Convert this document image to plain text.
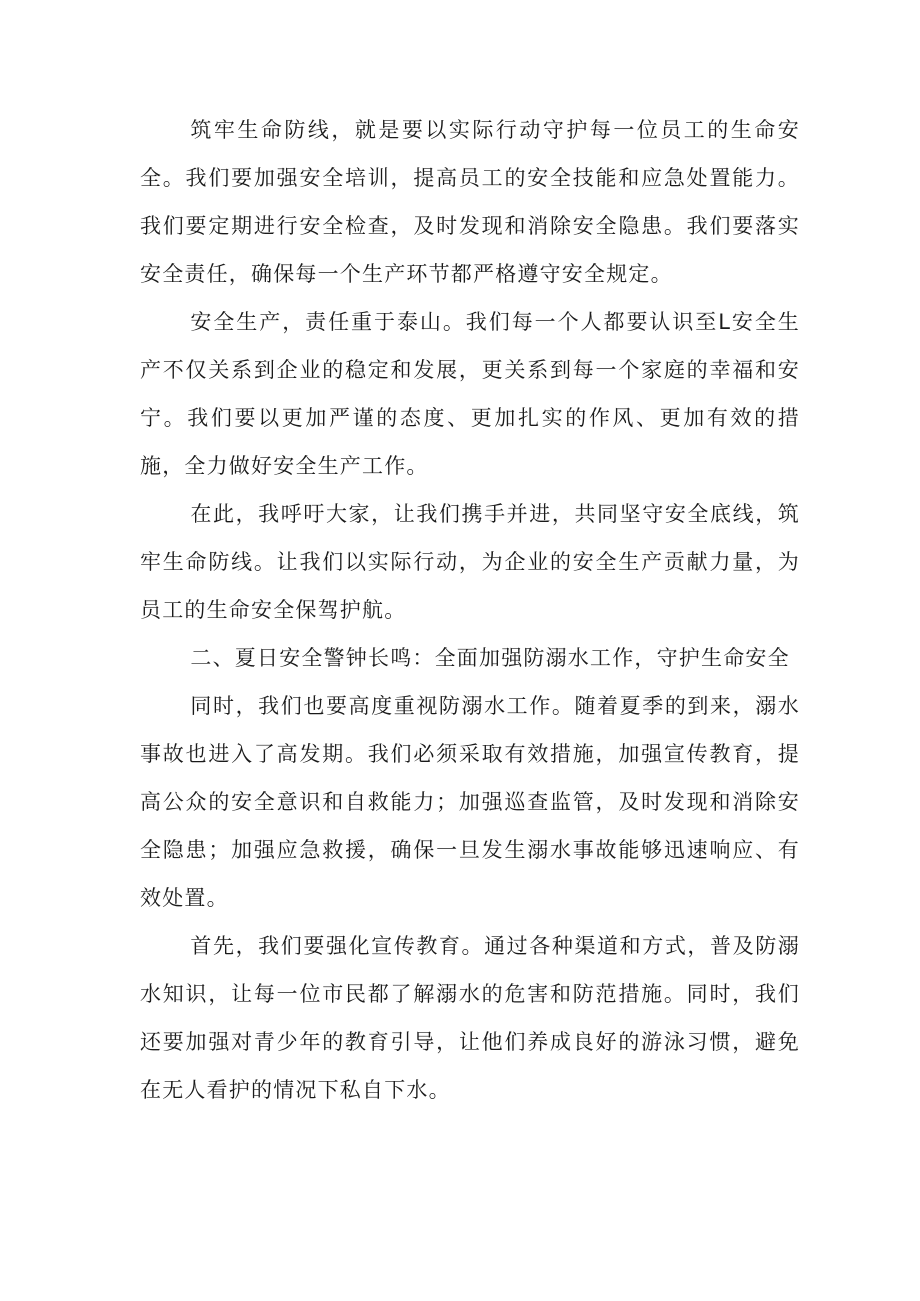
筑牢生命防线，就是要以实际行动守护每一位员工的生命安全。我们要加强安全培训，提高员工的安全技能和应急处置能力。我们要定期进行安全检查，及时发现和消除安全隐患。我们要落实安全责任，确保每一个生产环节都严格遵守安全规定。

安全生产，责任重于泰山。我们每一个人都要认识至L安全生产不仅关系到企业的稳定和发展，更关系到每一个家庭的幸福和安宁。我们要以更加严谨的态度、更加扎实的作风、更加有效的措施，全力做好安全生产工作。

在此，我呼吁大家，让我们携手并进，共同坚守安全底线，筑牢生命防线。让我们以实际行动，为企业的安全生产贡献力量，为员工的生命安全保驾护航。

二、夏日安全警钟长鸣：全面加强防溺水工作，守护生命安全

同时，我们也要高度重视防溺水工作。随着夏季的到来，溺水事故也进入了高发期。我们必须采取有效措施，加强宣传教育，提高公众的安全意识和自救能力；加强巡查监管，及时发现和消除安全隐患；加强应急救援，确保一旦发生溺水事故能够迅速响应、有效处置。

首先，我们要强化宣传教育。通过各种渠道和方式，普及防溺水知识，让每一位市民都了解溺水的危害和防范措施。同时，我们还要加强对青少年的教育引导，让他们养成良好的游泳习惯，避免在无人看护的情况下私自下水。
